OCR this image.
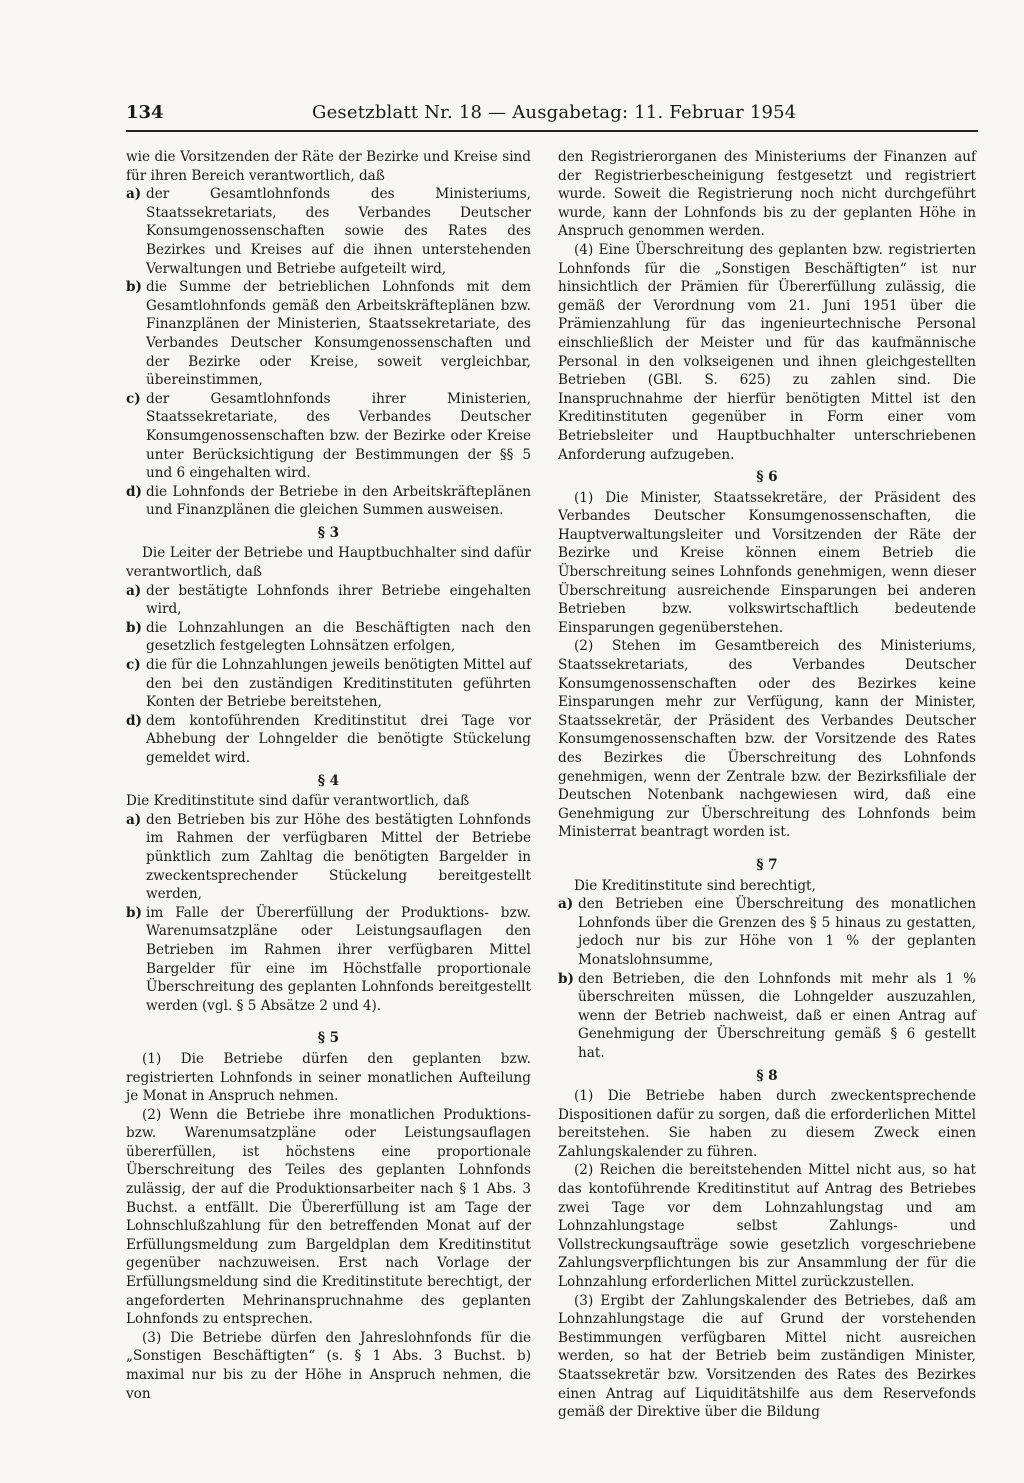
134	Gesetzblatt Nr. 18 — Ausgabetag: 11. Februar 1954

wie die Vorsitzenden der Räte der Bezirke und Kreise sind für ihren Bereich verantwortlich, daß

a) der Gesamtlohnfonds des Ministeriums, Staatssekretariats, des Verbandes Deutscher Konsumgenossenschaften sowie des Rates des Bezirkes und Kreises auf die ihnen unterstehenden Verwaltungen und Betriebe aufgeteilt wird,
b) die Summe der betrieblichen Lohnfonds mit dem Gesamtlohnfonds gemäß den Arbeitskräfteplänen bzw. Finanzplänen der Ministerien, Staatssekretariate, des Verbandes Deutscher Konsumgenossenschaften und der Bezirke oder Kreise, soweit vergleichbar, übereinstimmen,
c) der Gesamtlohnfonds ihrer Ministerien, Staatssekretariate, des Verbandes Deutscher Konsumgenossenschaften bzw. der Bezirke oder Kreise unter Berücksichtigung der Bestimmungen der §§ 5 und 6 eingehalten wird.
d) die Lohnfonds der Betriebe in den Arbeitskräfteplänen und Finanzplänen die gleichen Summen ausweisen.
§ 3

Die Leiter der Betriebe und Hauptbuchhalter sind dafür verantwortlich, daß

a) der bestätigte Lohnfonds ihrer Betriebe eingehalten wird,
b) die Lohnzahlungen an die Beschäftigten nach den gesetzlich festgelegten Lohnsätzen erfolgen,
c) die für die Lohnzahlungen jeweils benötigten Mittel auf den bei den zuständigen Kreditinstituten geführten Konten der Betriebe bereitstehen,
d) dem kontoführenden Kreditinstitut drei Tage vor Abhebung der Lohngelder die benötigte Stückelung gemeldet wird.
§ 4

Die Kreditinstitute sind dafür verantwortlich, daß

a) den Betrieben bis zur Höhe des bestätigten Lohnfonds im Rahmen der verfügbaren Mittel der Betriebe pünktlich zum Zahltag die benötigten Bargelder in zweckentsprechender Stückelung bereitgestellt werden,
b) im Falle der Übererfüllung der Produktions- bzw. Warenumsatzpläne oder Leistungsauflagen den Betrieben im Rahmen ihrer verfügbaren Mittel Bargelder für eine im Höchstfalle proportionale Überschreitung des geplanten Lohnfonds bereitgestellt werden (vgl. § 5 Absätze 2 und 4).
§ 5

(1) Die Betriebe dürfen den geplanten bzw. registrierten Lohnfonds in seiner monatlichen Aufteilung je Monat in Anspruch nehmen.

(2) Wenn die Betriebe ihre monatlichen Produktions- bzw. Warenumsatzpläne oder Leistungsauflagen übererfüllen, ist höchstens eine proportionale Überschreitung des Teiles des geplanten Lohnfonds zulässig, der auf die Produktionsarbeiter nach § 1 Abs. 3 Buchst. a entfällt. Die Übererfüllung ist am Tage der Lohnschlußzahlung für den betreffenden Monat auf der Erfüllungsmeldung zum Bargeldplan dem Kreditinstitut gegenüber nachzuweisen. Erst nach Vorlage der Erfüllungsmeldung sind die Kreditinstitute berechtigt, der angeforderten Mehrinanspruchnahme des geplanten Lohnfonds zu entsprechen.

(3) Die Betriebe dürfen den Jahreslohnfonds für die „Sonstigen Beschäftigten“ (s. § 1 Abs. 3 Buchst. b) maximal nur bis zu der Höhe in Anspruch nehmen, die von

den Registrierorganen des Ministeriums der Finanzen auf der Registrierbescheinigung festgesetzt und registriert wurde. Soweit die Registrierung noch nicht durchgeführt wurde, kann der Lohnfonds bis zu der geplanten Höhe in Anspruch genommen werden.

(4) Eine Überschreitung des geplanten bzw. registrierten Lohnfonds für die „Sonstigen Beschäftigten“ ist nur hinsichtlich der Prämien für Übererfüllung zulässig, die gemäß der Verordnung vom 21. Juni 1951 über die Prämienzahlung für das ingenieurtechnische Personal einschließlich der Meister und für das kaufmännische Personal in den volkseigenen und ihnen gleichgestellten Betrieben (GBl. S. 625) zu zahlen sind. Die Inanspruchnahme der hierfür benötigten Mittel ist den Kreditinstituten gegenüber in Form einer vom Betriebsleiter und Hauptbuchhalter unterschriebenen Anforderung aufzugeben.

§ 6

(1) Die Minister, Staatssekretäre, der Präsident des Verbandes Deutscher Konsumgenossenschaften, die Hauptverwaltungsleiter und Vorsitzenden der Räte der Bezirke und Kreise können einem Betrieb die Überschreitung seines Lohnfonds genehmigen, wenn dieser Überschreitung ausreichende Einsparungen bei anderen Betrieben bzw. volkswirtschaftlich bedeutende Einsparungen gegenüberstehen.

(2) Stehen im Gesamtbereich des Ministeriums, Staatssekretariats, des Verbandes Deutscher Konsumgenossenschaften oder des Bezirkes keine Einsparungen mehr zur Verfügung, kann der Minister, Staatssekretär, der Präsident des Verbandes Deutscher Konsumgenossenschaften bzw. der Vorsitzende des Rates des Bezirkes die Überschreitung des Lohnfonds genehmigen, wenn der Zentrale bzw. der Bezirksfiliale der Deutschen Notenbank nachgewiesen wird, daß eine Genehmigung zur Überschreitung des Lohnfonds beim Ministerrat beantragt worden ist.

§ 7

Die Kreditinstitute sind berechtigt,

a) den Betrieben eine Überschreitung des monatlichen Lohnfonds über die Grenzen des § 5 hinaus zu gestatten, jedoch nur bis zur Höhe von 1 % der geplanten Monatslohnsumme,
b) den Betrieben, die den Lohnfonds mit mehr als 1 % überschreiten müssen, die Lohngelder auszuzahlen, wenn der Betrieb nachweist, daß er einen Antrag auf Genehmigung der Überschreitung gemäß § 6 gestellt hat.
§ 8

(1) Die Betriebe haben durch zweckentsprechende Dispositionen dafür zu sorgen, daß die erforderlichen Mittel bereitstehen. Sie haben zu diesem Zweck einen Zahlungskalender zu führen.

(2) Reichen die bereitstehenden Mittel nicht aus, so hat das kontoführende Kreditinstitut auf Antrag des Betriebes zwei Tage vor dem Lohnzahlungstag und am Lohnzahlungstage selbst Zahlungs- und Vollstreckungsaufträge sowie gesetzlich vorgeschriebene Zahlungsverpflichtungen bis zur Ansammlung der für die Lohnzahlung erforderlichen Mittel zurückzustellen.

(3) Ergibt der Zahlungskalender des Betriebes, daß am Lohnzahlungstage die auf Grund der vorstehenden Bestimmungen verfügbaren Mittel nicht ausreichen werden, so hat der Betrieb beim zuständigen Minister, Staatssekretär bzw. Vorsitzenden des Rates des Bezirkes einen Antrag auf Liquiditätshilfe aus dem Reservefonds gemäß der Direktive über die Bildung
